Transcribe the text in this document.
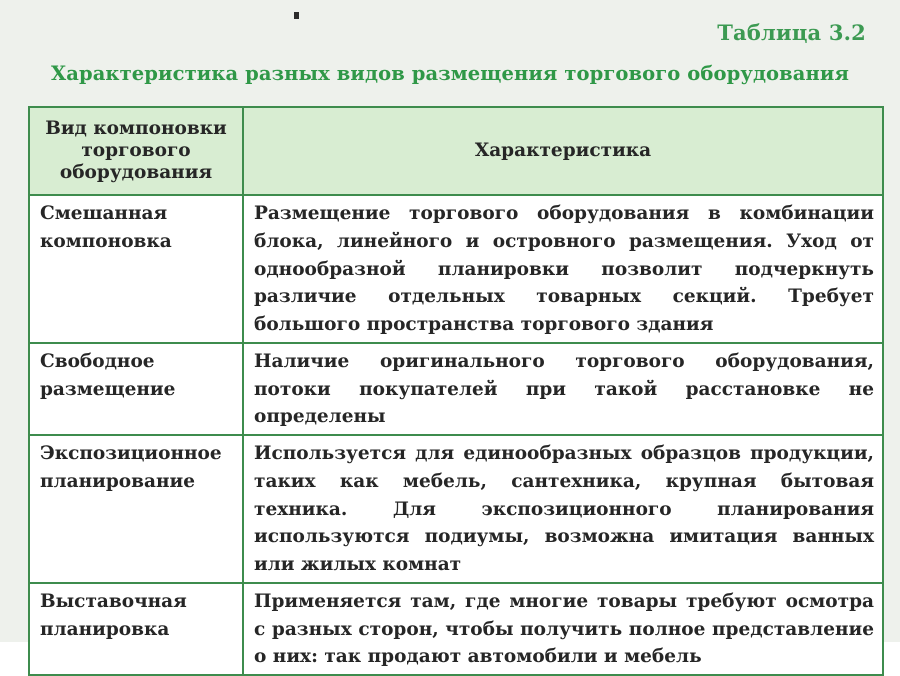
Таблица 3.2
Характеристика разных видов размещения торгового оборудования
Вид компоновки торгового оборудования	Характеристика
Смешанная компоновка	Размещение торгового оборудования в комбинации блока, линейного и островного размещения. Уход от однообразной планировки позволит подчеркнуть различие отдельных товарных секций. Требует большого пространства торгового здания
Свободное размещение	Наличие оригинального торгового оборудования, потоки покупателей при такой расстановке не определены
Экспозиционное планирование	Используется для единообразных образцов продукции, таких как мебель, сантехника, крупная бытовая техника. Для экспозиционного планирования используются подиумы, возможна имитация ванных или жилых комнат
Выставочная планировка	Применяется там, где многие товары требуют осмотра с разных сторон, чтобы получить полное представление о них: так продают автомобили и мебель
